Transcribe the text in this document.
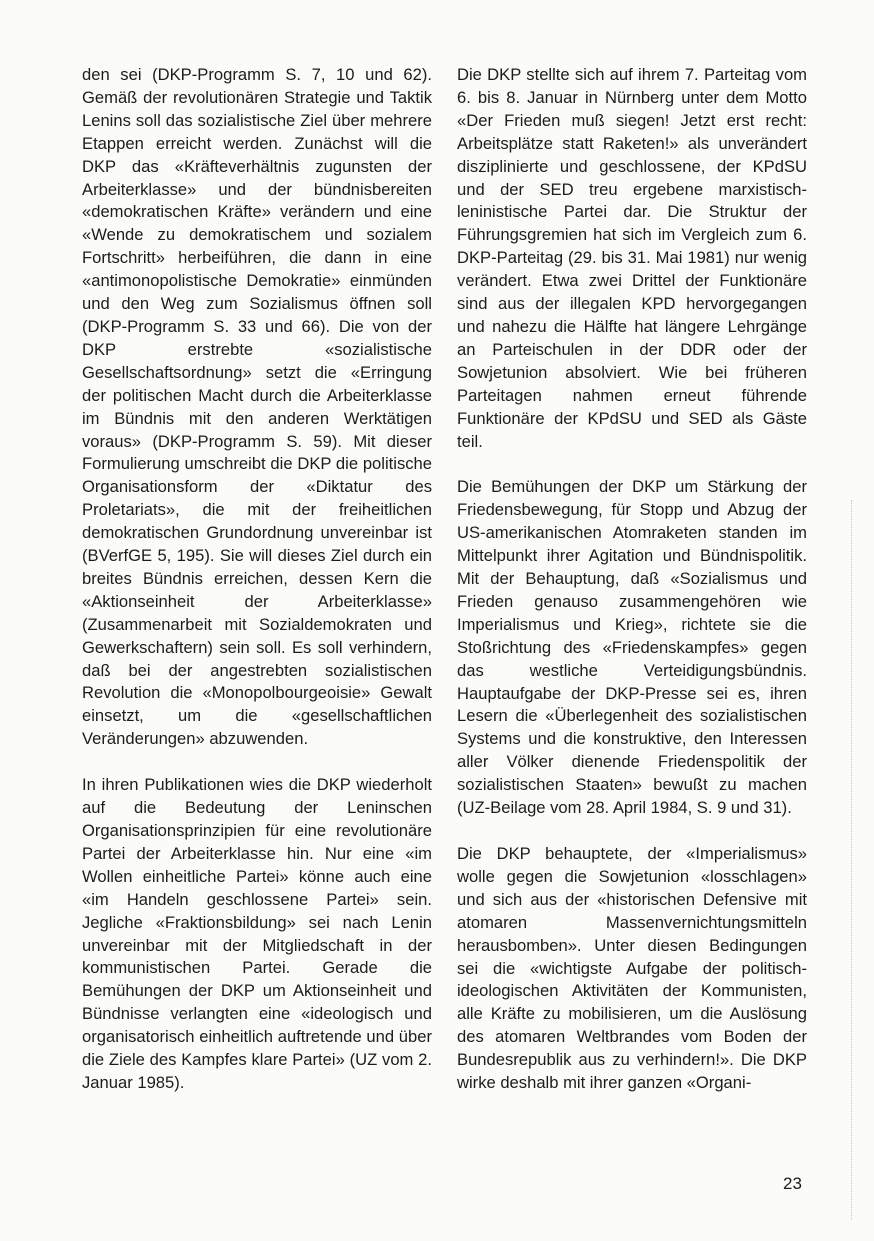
den sei (DKP-Programm S. 7, 10 und 62). Gemäß der revolutionären Strategie und Taktik Lenins soll das sozialistische Ziel über mehrere Etappen erreicht werden. Zunächst will die DKP das «Kräfteverhältnis zugunsten der Arbeiterklasse» und der bündnisbereiten «demokratischen Kräfte» verändern und eine «Wende zu demokratischem und sozialem Fortschritt» herbeiführen, die dann in eine «antimonopolistische Demokratie» einmünden und den Weg zum Sozialismus öffnen soll (DKP-Programm S. 33 und 66). Die von der DKP erstrebte «sozialistische Gesellschaftsordnung» setzt die «Erringung der politischen Macht durch die Arbeiterklasse im Bündnis mit den anderen Werktätigen voraus» (DKP-Programm S. 59). Mit dieser Formulierung umschreibt die DKP die politische Organisationsform der «Diktatur des Proletariats», die mit der freiheitlichen demokratischen Grundordnung unvereinbar ist (BVerfGE 5, 195). Sie will dieses Ziel durch ein breites Bündnis erreichen, dessen Kern die «Aktionseinheit der Arbeiterklasse» (Zusammenarbeit mit Sozialdemokraten und Gewerkschaftern) sein soll. Es soll verhindern, daß bei der angestrebten sozialistischen Revolution die «Monopolbourgeoisie» Gewalt einsetzt, um die «gesellschaftlichen Veränderungen» abzuwenden.

In ihren Publikationen wies die DKP wiederholt auf die Bedeutung der Leninschen Organisationsprinzipien für eine revolutionäre Partei der Arbeiterklasse hin. Nur eine «im Wollen einheitliche Partei» könne auch eine «im Handeln geschlossene Partei» sein. Jegliche «Fraktionsbildung» sei nach Lenin unvereinbar mit der Mitgliedschaft in der kommunistischen Partei. Gerade die Bemühungen der DKP um Aktionseinheit und Bündnisse verlangten eine «ideologisch und organisatorisch einheitlich auftretende und über die Ziele des Kampfes klare Partei» (UZ vom 2. Januar 1985).

Die DKP stellte sich auf ihrem 7. Parteitag vom 6. bis 8. Januar in Nürnberg unter dem Motto «Der Frieden muß siegen! Jetzt erst recht: Arbeitsplätze statt Raketen!» als unverändert disziplinierte und geschlossene, der KPdSU und der SED treu ergebene marxistisch-leninistische Partei dar. Die Struktur der Führungsgremien hat sich im Vergleich zum 6. DKP-Parteitag (29. bis 31. Mai 1981) nur wenig verändert. Etwa zwei Drittel der Funktionäre sind aus der illegalen KPD hervorgegangen und nahezu die Hälfte hat längere Lehrgänge an Parteischulen in der DDR oder der Sowjetunion absolviert. Wie bei früheren Parteitagen nahmen erneut führende Funktionäre der KPdSU und SED als Gäste teil.

Die Bemühungen der DKP um Stärkung der Friedensbewegung, für Stopp und Abzug der US-amerikanischen Atomraketen standen im Mittelpunkt ihrer Agitation und Bündnispolitik. Mit der Behauptung, daß «Sozialismus und Frieden genauso zusammengehören wie Imperialismus und Krieg», richtete sie die Stoßrichtung des «Friedenskampfes» gegen das westliche Verteidigungsbündnis. Hauptaufgabe der DKP-Presse sei es, ihren Lesern die «Überlegenheit des sozialistischen Systems und die konstruktive, den Interessen aller Völker dienende Friedenspolitik der sozialistischen Staaten» bewußt zu machen (UZ-Beilage vom 28. April 1984, S. 9 und 31).

Die DKP behauptete, der «Imperialismus» wolle gegen die Sowjetunion «losschlagen» und sich aus der «historischen Defensive mit atomaren Massenvernichtungsmitteln herausbomben». Unter diesen Bedingungen sei die «wichtigste Aufgabe der politisch-ideologischen Aktivitäten der Kommunisten, alle Kräfte zu mobilisieren, um die Auslösung des atomaren Weltbrandes vom Boden der Bundesrepublik aus zu verhindern!». Die DKP wirke deshalb mit ihrer ganzen «Organi-

23
